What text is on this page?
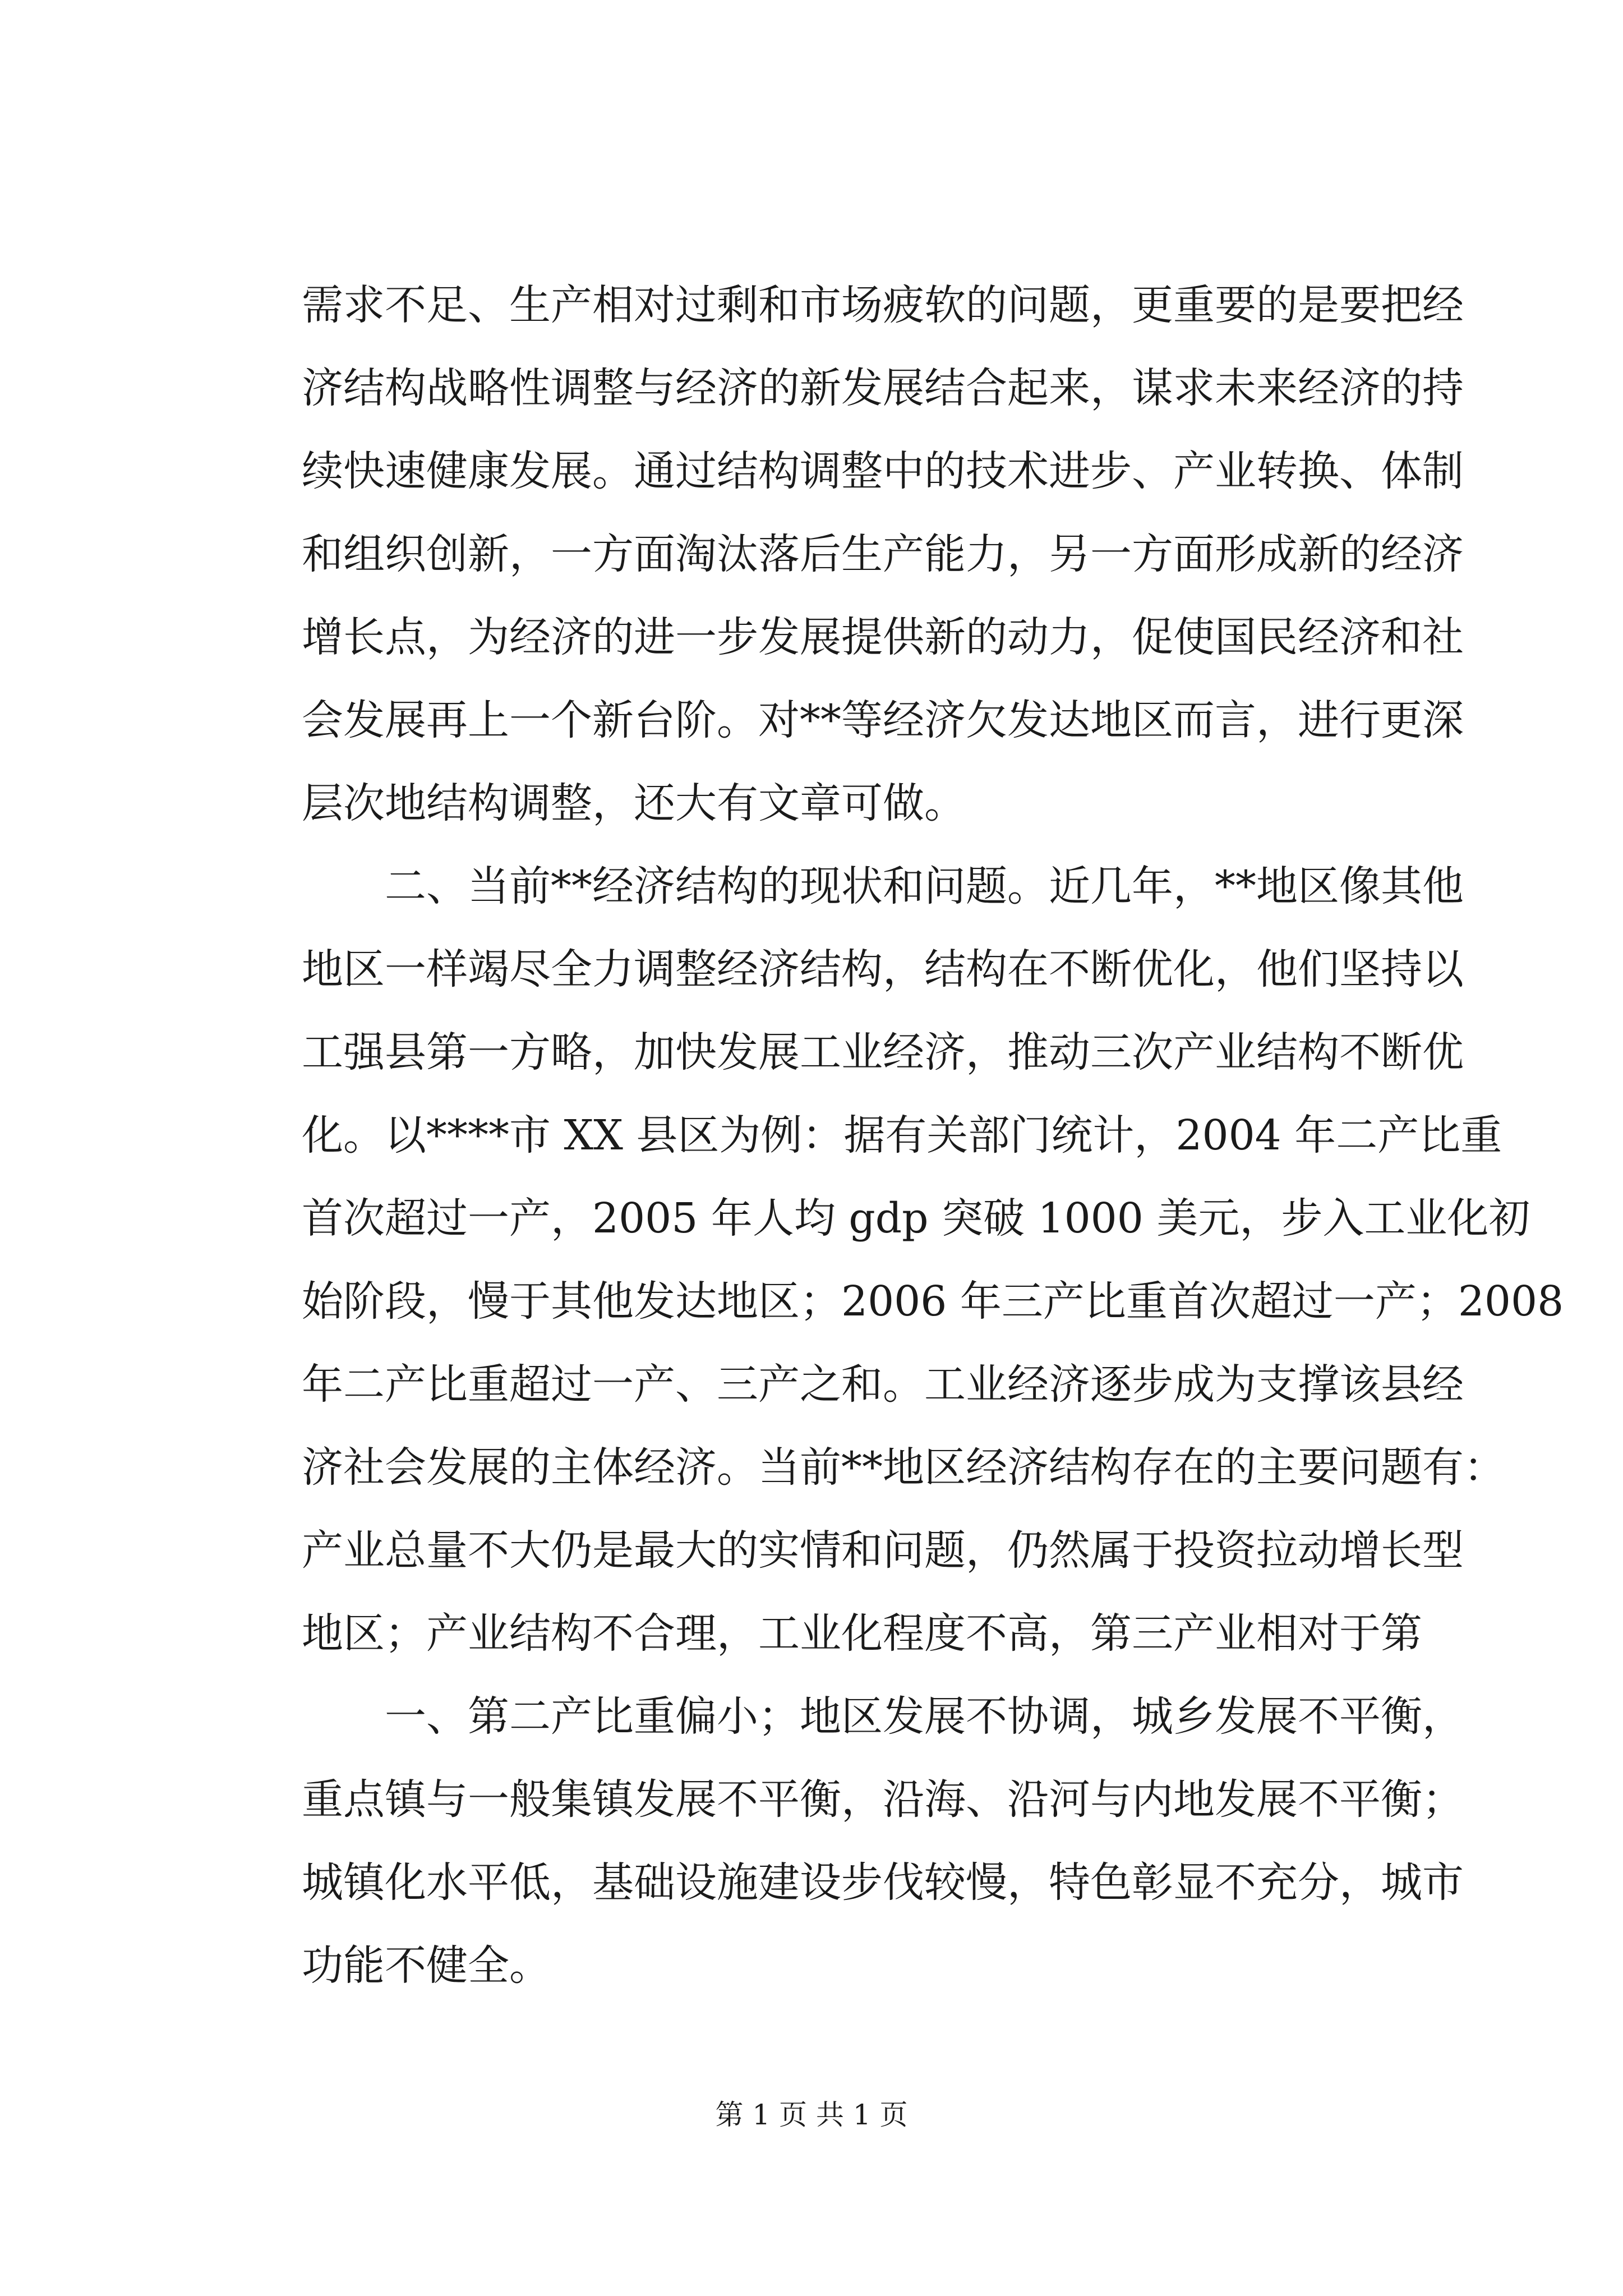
需求不足、生产相对过剩和市场疲软的问题，更重要的是要把经
济结构战略性调整与经济的新发展结合起来，谋求未来经济的持
续快速健康发展。通过结构调整中的技术进步、产业转换、体制
和组织创新，一方面淘汰落后生产能力，另一方面形成新的经济
增长点，为经济的进一步发展提供新的动力，促使国民经济和社
会发展再上一个新台阶。对**等经济欠发达地区而言，进行更深
层次地结构调整，还大有文章可做。
二、当前**经济结构的现状和问题。近几年，**地区像其他
地区一样竭尽全力调整经济结构，结构在不断优化，他们坚持以
工强县第一方略，加快发展工业经济，推动三次产业结构不断优
化。以****市 XX 县区为例：据有关部门统计，2004 年二产比重
首次超过一产，2005 年人均 gdp 突破 1000 美元，步入工业化初
始阶段，慢于其他发达地区；2006 年三产比重首次超过一产；2008
年二产比重超过一产、三产之和。工业经济逐步成为支撑该县经
济社会发展的主体经济。当前**地区经济结构存在的主要问题有：
产业总量不大仍是最大的实情和问题，仍然属于投资拉动增长型
地区；产业结构不合理，工业化程度不高，第三产业相对于第
一、第二产比重偏小；地区发展不协调，城乡发展不平衡，
重点镇与一般集镇发展不平衡，沿海、沿河与内地发展不平衡；
城镇化水平低，基础设施建设步伐较慢，特色彰显不充分，城市
功能不健全。
第 1 页 共 1 页
